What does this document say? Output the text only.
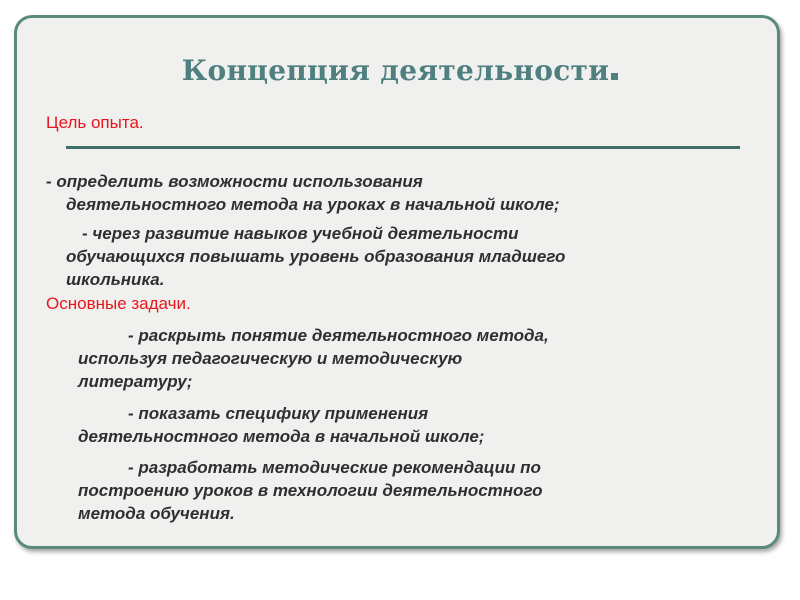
Концепция деятельности
Цель опыта.
- определить возможности использования
деятельностного метода на уроках в начальной школе;
- через развитие навыков учебной деятельности
обучающихся повышать уровень образования младшего
школьника.
Основные задачи.
- раскрыть понятие деятельностного метода,
используя педагогическую и методическую
литературу;
- показать специфику применения
деятельностного метода в начальной школе;
- разработать методические рекомендации по
построению уроков в технологии деятельностного
метода обучения.
